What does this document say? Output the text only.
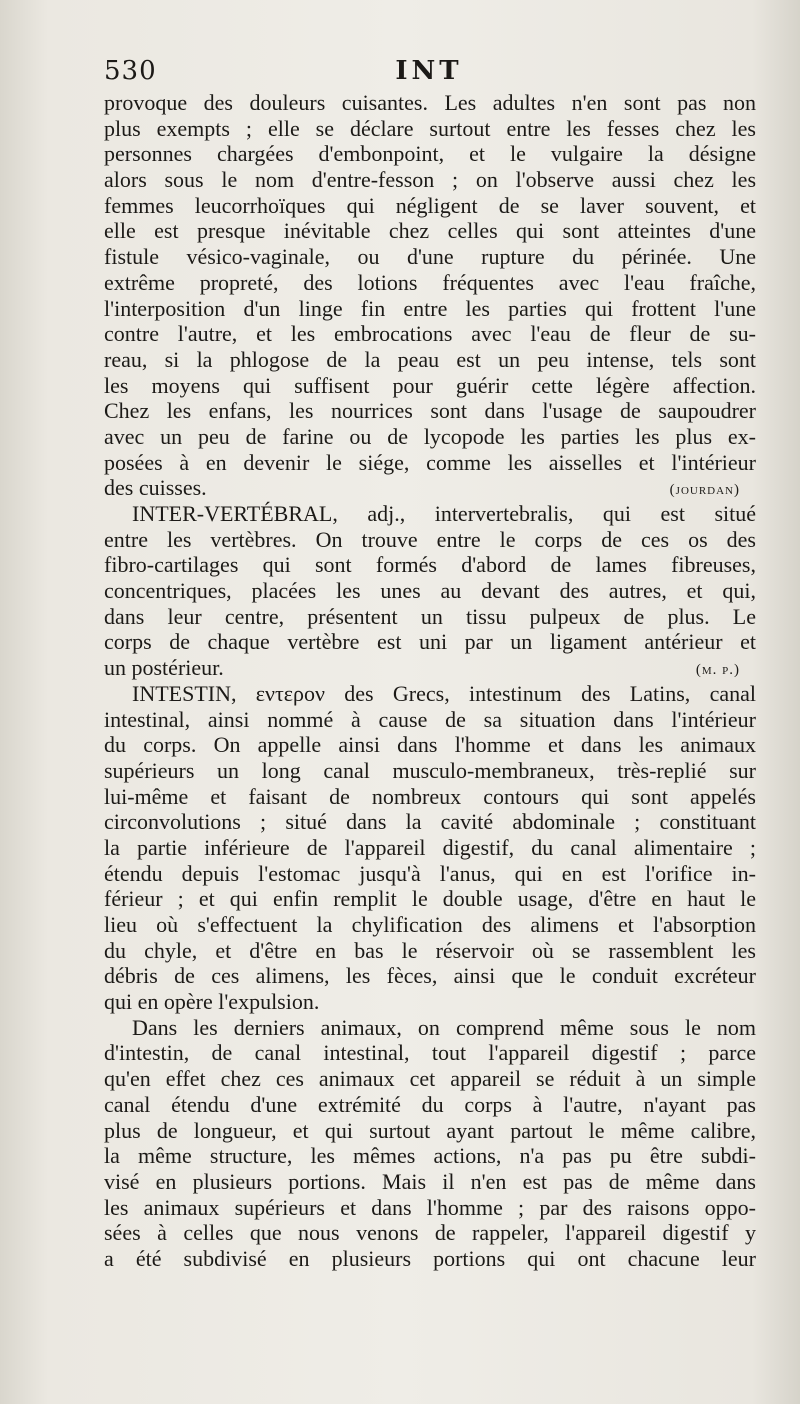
530	INT
provoque des douleurs cuisantes. Les adultes n'en sont pas non
plus exempts ; elle se déclare surtout entre les fesses chez les
personnes chargées d'embonpoint, et le vulgaire la désigne
alors sous le nom d'entre-fesson ; on l'observe aussi chez les
femmes leucorrhoïques qui négligent de se laver souvent, et
elle est presque inévitable chez celles qui sont atteintes d'une
fistule vésico-vaginale, ou d'une rupture du périnée. Une
extrême propreté, des lotions fréquentes avec l'eau fraîche,
l'interposition d'un linge fin entre les parties qui frottent l'une
contre l'autre, et les embrocations avec l'eau de fleur de su-
reau, si la phlogose de la peau est un peu intense, tels sont
les moyens qui suffisent pour guérir cette légère affection.
Chez les enfans, les nourrices sont dans l'usage de saupoudrer
avec un peu de farine ou de lycopode les parties les plus ex-
posées à en devenir le siége, comme les aisselles et l'intérieur
des cuisses.	(jourdan)
INTER-VERTÉBRAL, adj., intervertebralis, qui est situé
entre les vertèbres. On trouve entre le corps de ces os des
fibro-cartilages qui sont formés d'abord de lames fibreuses,
concentriques, placées les unes au devant des autres, et qui,
dans leur centre, présentent un tissu pulpeux de plus. Le
corps de chaque vertèbre est uni par un ligament antérieur et
un postérieur.	(m. p.)
INTESTIN, εντερον des Grecs, intestinum des Latins, canal
intestinal, ainsi nommé à cause de sa situation dans l'intérieur
du corps. On appelle ainsi dans l'homme et dans les animaux
supérieurs un long canal musculo-membraneux, très-replié sur
lui-même et faisant de nombreux contours qui sont appelés
circonvolutions ; situé dans la cavité abdominale ; constituant
la partie inférieure de l'appareil digestif, du canal alimentaire ;
étendu depuis l'estomac jusqu'à l'anus, qui en est l'orifice in-
férieur ; et qui enfin remplit le double usage, d'être en haut le
lieu où s'effectuent la chylification des alimens et l'absorption
du chyle, et d'être en bas le réservoir où se rassemblent les
débris de ces alimens, les fèces, ainsi que le conduit excréteur
qui en opère l'expulsion.
Dans les derniers animaux, on comprend même sous le nom
d'intestin, de canal intestinal, tout l'appareil digestif ; parce
qu'en effet chez ces animaux cet appareil se réduit à un simple
canal étendu d'une extrémité du corps à l'autre, n'ayant pas
plus de longueur, et qui surtout ayant partout le même calibre,
la même structure, les mêmes actions, n'a pas pu être subdi-
visé en plusieurs portions. Mais il n'en est pas de même dans
les animaux supérieurs et dans l'homme ; par des raisons oppo-
sées à celles que nous venons de rappeler, l'appareil digestif y
a été subdivisé en plusieurs portions qui ont chacune leur
